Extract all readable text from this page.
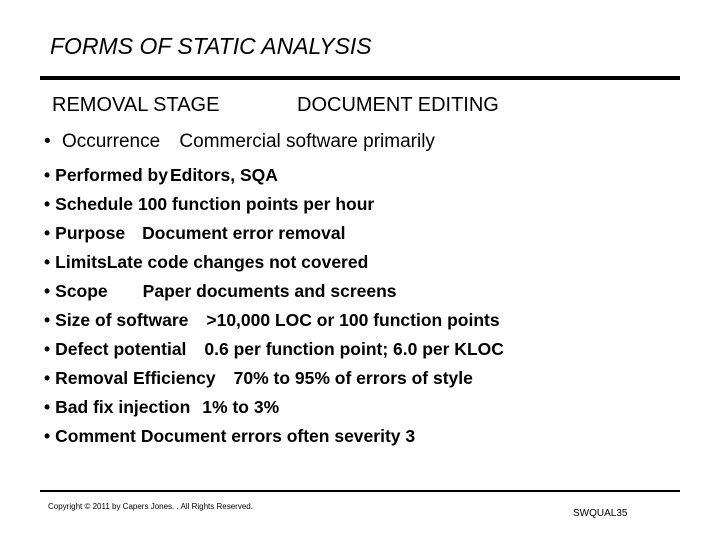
FORMS OF STATIC ANALYSIS
REMOVAL STAGE	DOCUMENT EDITING
• Occurrence Commercial software primarily
• Performed by Editors, SQA
• Schedule 100 function points per hour
• Purpose Document error removal
• LimitsLate code changes not covered
• Scope Paper documents and screens
• Size of software >10,000 LOC or 100 function points
• Defect potential 0.6 per function point; 6.0 per KLOC
• Removal Efficiency 70% to 95% of errors of style
• Bad fix injection 1% to 3%
• Comment Document errors often severity 3
Copyright © 2011 by Capers Jones. . All Rights Reserved.
SWQUAL35
